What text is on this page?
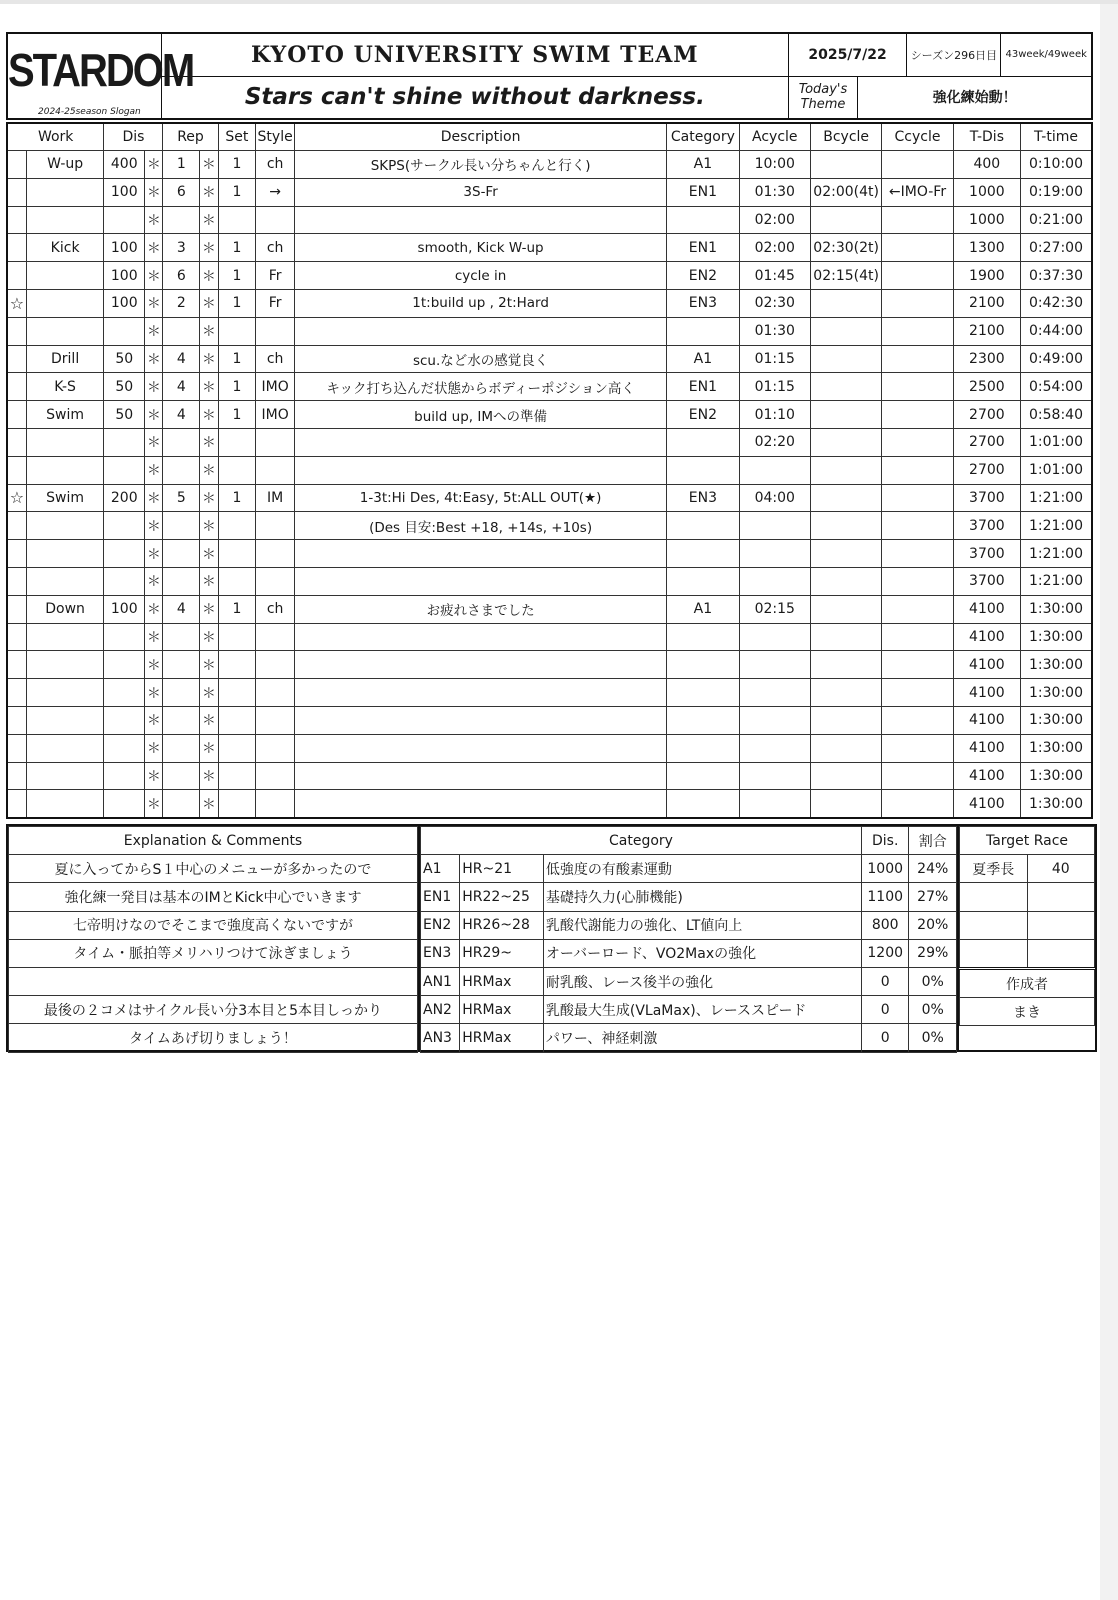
STARDOM
2024-25season Slogan	KYOTO UNIVERSITY SWIM TEAM	2025/7/22		シーズン296日目	43week/49week
	Stars can't shine without darkness.	Today's
Theme	強化練始動！		
Work		Dis		Rep		Set	Style	Description	Category	Acycle	Bcycle	Ccycle	T-Dis	T-time
	W-up	400	＊	1	＊	1	ch	SKPS(サークル長い分ちゃんと行く)	A1	10:00			400	0:10:00
		100	＊	6	＊	1	→	3S-Fr	EN1	01:30	02:00(4t)	←IMO-Fr	1000	0:19:00
			＊		＊					02:00			1000	0:21:00
	Kick	100	＊	3	＊	1	ch	smooth, Kick W-up	EN1	02:00	02:30(2t)		1300	0:27:00
		100	＊	6	＊	1	Fr	cycle in	EN2	01:45	02:15(4t)		1900	0:37:30
☆		100	＊	2	＊	1	Fr	1t:build up , 2t:Hard	EN3	02:30			2100	0:42:30
			＊		＊					01:30			2100	0:44:00
	Drill	50	＊	4	＊	1	ch	scu.など水の感覚良く	A1	01:15			2300	0:49:00
	K-S	50	＊	4	＊	1	IMO	キック打ち込んだ状態からボディーポジション高く	EN1	01:15			2500	0:54:00
	Swim	50	＊	4	＊	1	IMO	build up, IMへの準備	EN2	01:10			2700	0:58:40
			＊		＊					02:20			2700	1:01:00
			＊		＊								2700	1:01:00
☆	Swim	200	＊	5	＊	1	IM	1-3t:Hi Des, 4t:Easy, 5t:ALL OUT(★)	EN3	04:00			3700	1:21:00
			＊		＊			(Des 目安:Best +18, +14s, +10s)					3700	1:21:00
			＊		＊								3700	1:21:00
			＊		＊								3700	1:21:00
	Down	100	＊	4	＊	1	ch	お疲れさまでした	A1	02:15			4100	1:30:00
			＊		＊								4100	1:30:00
			＊		＊								4100	1:30:00
			＊		＊								4100	1:30:00
			＊		＊								4100	1:30:00
			＊		＊								4100	1:30:00
			＊		＊								4100	1:30:00
			＊		＊								4100	1:30:00
Explanation & Comments
夏に入ってからS１中心のメニューが多かったので
強化練一発目は基本のIMとKick中心でいきます
七帝明けなのでそこまで強度高くないですが
タイム・脈拍等メリハリつけて泳ぎましょう

最後の２コメはサイクル長い分3本目と5本目しっかり
タイムあげ切りましょう！
Category			Dis.	割合
A1	HR~21	低強度の有酸素運動	1000	24%
EN1	HR22~25	基礎持久力(心肺機能)	1100	27%
EN2	HR26~28	乳酸代謝能力の強化、LT値向上	800	20%
EN3	HR29~	オーバーロード、VO2Maxの強化	1200	29%
AN1	HRMax	耐乳酸、レース後半の強化	0	0%
AN2	HRMax	乳酸最大生成(VLaMax)、レーススピード	0	0%
AN3	HRMax	パワー、神経刺激	0	0%
Target Race	
夏季長	40

作成者	
まき	
